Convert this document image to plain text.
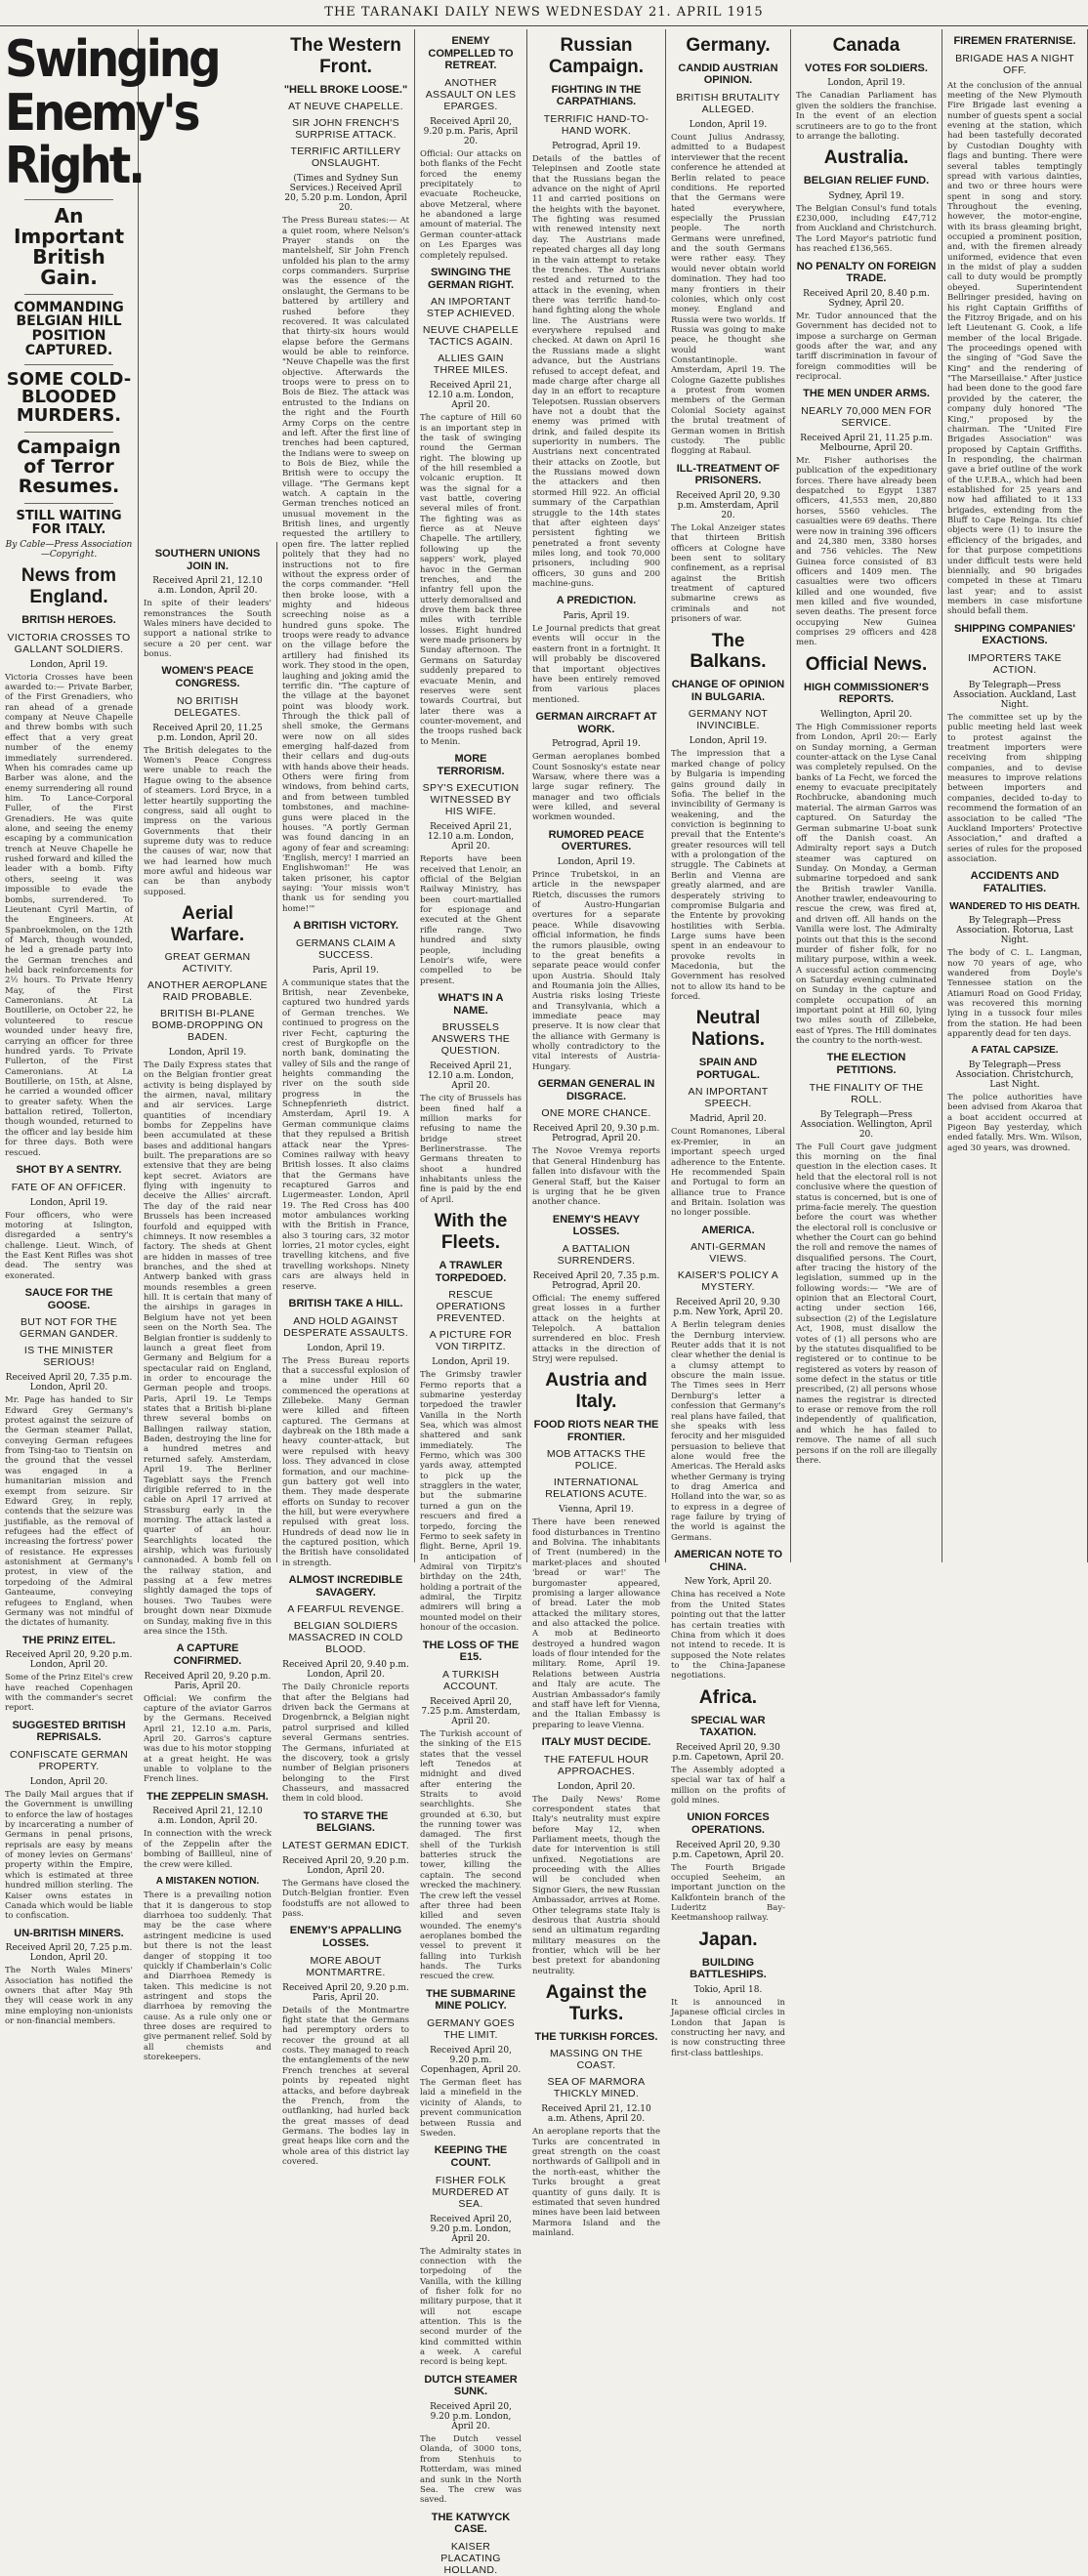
THE TARANAKI DAILY NEWS WEDNESDAY 21. APRIL 1915
Swinging Enemy's Right.
An Important British Gain.
COMMANDING BELGIAN HILL POSITION CAPTURED.
SOME COLD-BLOODED MURDERS.
Campaign of Terror Resumes.
STILL WAITING FOR ITALY.
By Cable—Press Association—Copyright.
News from England.
BRITISH HEROES.
VICTORIA CROSSES TO GALLANT SOLDIERS.
London, April 19.
Victoria Crosses have been awarded to:— Private Barber, of the First Grenadiers, who ran ahead of a grenade company at Neuve Chapelle and threw bombs with such effect that a very great number of the enemy immediately surrendered. When his comrades came up Barber was alone, and the enemy surrendering all round him. To Lance-Corporal Fuller, of the First Grenadiers. He was quite alone, and seeing the enemy escaping by a communication trench at Neuve Chapelle he rushed forward and killed the leader with a bomb. Fifty others, seeing it was impossible to evade the bombs, surrendered. To Lieutenant Cyril Martin, of the Engineers. At Spanbroekmolen, on the 12th of March, though wounded, he led a grenade party into the German trenches and held back reinforcements for 2½ hours. To Private Henry May, of the First Cameronians. At La Boutillerie, on October 22, he volunteered to rescue wounded under heavy fire, carrying an officer for three hundred yards. To Private Fullerton, of the First Cameronians. At La Boutillerie, on 15th, at Alsne, he carried a wounded officer to greater safety. When the battalion retired, Tollerton, though wounded, returned to the officer and lay beside him for three days. Both were rescued.
SHOT BY A SENTRY.
FATE OF AN OFFICER.
London, April 19.
Four officers, who were motoring at Islington, disregarded a sentry's challenge. Lieut. Winch, of the East Kent Rifles was shot dead. The sentry was exonerated.
SAUCE FOR THE GOOSE.
BUT NOT FOR THE GERMAN GANDER.
IS THE MINISTER SERIOUS!
Received April 20, 7.35 p.m. London, April 20.
Mr. Page has handed to Sir Edward Grey Germany's protest against the seizure of the German steamer Pallat, conveying German refugees from Tsing-tao to Tientsin on the ground that the vessel was engaged in a humanitarian mission and exempt from seizure. Sir Edward Grey, in reply, contends that the seizure was justifiable, as the removal of refugees had the effect of increasing the fortress' power of resistance. He expresses astonishment at Germany's protest, in view of the torpedoing of the Admiral Ganteaume, conveying refugees to England, when Germany was not mindful of the dictates of humanity.
THE PRINZ EITEL.
Received April 20, 9.20 p.m. London, April 20.
Some of the Prinz Eitel's crew have reached Copenhagen with the commander's secret report.
SUGGESTED BRITISH REPRISALS.
CONFISCATE GERMAN PROPERTY.
London, April 20.
The Daily Mail argues that if the Government is unwilling to enforce the law of hostages by incarcerating a number of Germans in penal prisons, reprisals are easy by means of money levies on Germans' property within the Empire, which is estimated at three hundred million sterling. The Kaiser owns estates in Canada which would be liable to confiscation.
UN-BRITISH MINERS.
Received April 20, 7.25 p.m. London, April 20.
The North Wales Miners' Association has notified the owners that after May 9th they will cease work in any mine employing non-unionists or non-financial members.
SOUTHERN UNIONS JOIN IN.
Received April 21, 12.10 a.m. London, April 20.
In spite of their leaders' remonstrances the South Wales miners have decided to support a national strike to secure a 20 per cent. war bonus.
WOMEN'S PEACE CONGRESS.
NO BRITISH DELEGATES.
Received April 20, 11.25 p.m. London, April 20.
The British delegates to the Women's Peace Congress were unable to reach the Hague owing to the absence of steamers. Lord Bryce, in a letter heartily supporting the congress, said all ought to impress on the various Governments that their supreme duty was to reduce the causes of war, now that we had learned how much more awful and hideous war can be than anybody supposed.
Aerial Warfare.
GREAT GERMAN ACTIVITY.
ANOTHER AEROPLANE RAID PROBABLE.
BRITISH BI-PLANE BOMB-DROPPING ON BADEN.
London, April 19.
The Daily Express states that on the Belgian frontier great activity is being displayed by the airmen, naval, military and air services. Large quantities of incendiary bombs for Zeppelins have been accumulated at these bases and additional hangars built. The preparations are so extensive that they are being kept secret. Aviators are flying with ingenuity to deceive the Allies' aircraft. The day of the raid near Brussels has been increased fourfold and equipped with chimneys. It now resembles a factory. The sheds at Ghent are hidden in masses of tree branches, and the shed at Antwerp banked with grass mounds resembles a green hill. It is certain that many of the airships in garages in Belgium have not yet been seen on the North Sea. The Belgian frontier is suddenly to launch a great fleet from Germany and Belgium for a spectacular raid on England, in order to encourage the German people and troops. Paris, April 19. Le Temps states that a British bi-plane threw several bombs on Ballingen railway station, Baden, destroying the line for a hundred metres and returned safely. Amsterdam, April 19. The Berliner Tageblatt says the French dirigible referred to in the cable on April 17 arrived at Strassburg early in the morning. The attack lasted a quarter of an hour. Searchlights located the airship, which was furiously cannonaded. A bomb fell on the railway station, and passing at a few metres slightly damaged the tops of houses. Two Taubes were brought down near Dixmude on Sunday, making five in this area since the 15th.
A CAPTURE CONFIRMED.
Received April 20, 9.20 p.m. Paris, April 20.
Official: We confirm the capture of the aviator Garros by the Germans. Received April 21, 12.10 a.m. Paris, April 20. Garros's capture was due to his motor stopping at a great height. He was unable to volplane to the French lines.
THE ZEPPELIN SMASH.
Received April 21, 12.10 a.m. London, April 20.
In connection with the wreck of the Zeppelin after the bombing of Baillleul, nine of the crew were killed.
A MISTAKEN NOTION.
There is a prevailing notion that it is dangerous to stop diarrhoea too suddenly. That may be the case where astringent medicine is used but there is not the least danger of stopping it too quickly if Chamberlain's Colic and Diarrhoea Remedy is taken. This medicine is not astringent and stops the diarrhoea by removing the cause. As a rule only one or three doses are required to give permanent relief. Sold by all chemists and storekeepers.
The Western Front.
"HELL BROKE LOOSE."
AT NEUVE CHAPELLE.
SIR JOHN FRENCH'S SURPRISE ATTACK.
TERRIFIC ARTILLERY ONSLAUGHT.
(Times and Sydney Sun Services.) Received April 20, 5.20 p.m. London, April 20.
The Press Bureau states:— At a quiet room, where Nelson's Prayer stands on the mantelshelf, Sir John French unfolded his plan to the army corps commanders. Surprise was the essence of the onslaught, the Germans to be battered by artillery and rushed before they recovered. It was calculated that thirty-six hours would elapse before the Germans would be able to reinforce. "Neuve Chapelle was the first objective. Afterwards the troops were to press on to Bois de Biez. The attack was entrusted to the Indians on the right and the Fourth Army Corps on the centre and left. After the first line of trenches had been captured, the Indians were to sweep on to Bois de Biez, while the British were to occupy the village. "The Germans kept watch. A captain in the German trenches noticed an unusual movement in the British lines, and urgently requested the artillery to open fire. The latter replied politely that they had no instructions not to fire without the express order of the corps commander. "Hell then broke loose, with a mighty and hideous screeching noise as a hundred guns spoke. The troops were ready to advance on the village before the artillery had finished its work. They stood in the open, laughing and joking amid the terrific din. "The capture of the village at the bayonet point was bloody work. Through the thick pall of shell smoke, the Germans were now on all sides emerging half-dazed from their cellars and dug-outs with hands above their heads. Others were firing from windows, from behind carts, and from between tumbled tombstones, and machine-guns were placed in the houses. "A portly German was found dancing in an agony of fear and screaming: 'English, mercy! I married an Englishwoman!' He was taken prisoner, his captor saying: 'Your missis won't thank us for sending you home!'"
A BRITISH VICTORY.
GERMANS CLAIM A SUCCESS.
Paris, April 19.
A communique states that the British, near Zevenbeke, captured two hundred yards of German trenches. We continued to progress on the river Fecht, capturing the crest of Burgkopfle on the north bank, dominating the valley of Sils and the range of heights commanding the river on the south side progress in the Schnepfenrieth district. Amsterdam, April 19. A German communique claims that they repulsed a British attack near the Ypres-Comines railway with heavy British losses. It also claims that the Germans have recaptured Garros and Lugermeaster. London, April 19. The Red Cross has 400 motor ambulances working with the British in France, also 3 touring cars, 32 motor lorries, 21 motor cycles, eight travelling kitchens, and five travelling workshops. Ninety cars are always held in reserve.
BRITISH TAKE A HILL.
AND HOLD AGAINST DESPERATE ASSAULTS.
London, April 19.
The Press Bureau reports that a successful explosion of a mine under Hill 60 commenced the operations at Zillebeke. Many German were killed and fifteen captured. The Germans at daybreak on the 18th made a heavy counter-attack, but were repulsed with heavy loss. They advanced in close formation, and our machine-gun battery got well into them. They made desperate efforts on Sunday to recover the hill, but were everywhere repulsed with great loss. Hundreds of dead now lie in the captured position, which the British have consolidated in strength.
ALMOST INCREDIBLE SAVAGERY.
A FEARFUL REVENGE.
BELGIAN SOLDIERS MASSACRED IN COLD BLOOD.
Received April 20, 9.40 p.m. London, April 20.
The Daily Chronicle reports that after the Belgians had driven back the Germans at Drogenbrnck, a Belgian night patrol surprised and killed several Germans sentries. The Germans, infuriated at the discovery, took a grisly number of Belgian prisoners belonging to the First Chasseurs, and massacred them in cold blood.
TO STARVE THE BELGIANS.
LATEST GERMAN EDICT.
Received April 20, 9.20 p.m. London, April 20.
The Germans have closed the Dutch-Belgian frontier. Even foodstuffs are not allowed to pass.
ENEMY'S APPALLING LOSSES.
MORE ABOUT MONTMARTRE.
Received April 20, 9.20 p.m. Paris, April 20.
Details of the Montmartre fight state that the Germans had peremptory orders to recover the ground at all costs. They managed to reach the entanglements of the new French trenches at several points by repeated night attacks, and before daybreak the French, from the outflanking, had hurled back the great masses of dead Germans. The bodies lay in great heaps like corn and the whole area of this district lay covered.
ENEMY COMPELLED TO RETREAT.
ANOTHER ASSAULT ON LES EPARGES.
Received April 20, 9.20 p.m. Paris, April 20.
Official: Our attacks on both flanks of the Fecht forced the enemy precipitately to evacuate Rocheucke, above Metzeral, where he abandoned a large amount of material. The German counter-attack on Les Eparges was completely repulsed.
SWINGING THE GERMAN RIGHT.
AN IMPORTANT STEP ACHIEVED.
NEUVE CHAPELLE TACTICS AGAIN.
ALLIES GAIN THREE MILES.
Received April 21, 12.10 a.m. London, April 20.
The capture of Hill 60 is an important step in the task of swinging round the German right. The blowing up of the hill resembled a volcanic eruption. It was the signal for a vast battle, covering several miles of front. The fighting was as fierce as at Neuve Chapelle. The artillery, following up the sappers' work, played havoc in the German trenches, and the infantry fell upon the utterly demoralised and drove them back three miles with terrible losses. Eight hundred were made prisoners by Sunday afternoon. The Germans on Saturday suddenly prepared to evacuate Menin, and reserves were sent towards Courtrai, but later there was a counter-movement, and the troops rushed back to Menin.
MORE TERRORISM.
SPY'S EXECUTION WITNESSED BY HIS WIFE.
Received April 21, 12.10 a.m. London, April 20.
Reports have been received that Lenoir, an official of the Belgian Railway Ministry, has been court-martialled for espionage and executed at the Ghent rifle range. Two hundred and sixty people, including Lenoir's wife, were compelled to be present.
WHAT'S IN A NAME.
BRUSSELS ANSWERS THE QUESTION.
Received April 21, 12.10 a.m. London, April 20.
The city of Brussels has been fined half a million marks for refusing to name the bridge street Berlinerstrasse. The Germans threaten to shoot a hundred inhabitants unless the fine is paid by the end of April.
With the Fleets.
A TRAWLER TORPEDOED.
RESCUE OPERATIONS PREVENTED.
A PICTURE FOR VON TIRPITZ.
London, April 19.
The Grimsby trawler Fermo reports that a submarine yesterday torpedoed the trawler Vanilla in the North Sea, which was almost shattered and sank immediately. The Fermo, which was 300 yards away, attempted to pick up the stragglers in the water, but the submarine turned a gun on the rescuers and fired a torpedo, forcing the Fermo to seek safety in flight. Berne, April 19. In anticipation of Admiral von Tirpitz's birthday on the 24th, holding a portrait of the admiral, the Tirpitz admirers will bring a mounted model on their honour of the occasion.
THE LOSS OF THE E15.
A TURKISH ACCOUNT.
Received April 20, 7.25 p.m. Amsterdam, April 20.
The Turkish account of the sinking of the E15 states that the vessel left Tenedos at midnight and dived after entering the Straits to avoid searchlights. She grounded at 6.30, but the running tower was damaged. The first shell of the Turkish batteries struck the tower, killing the captain. The second wrecked the machinery. The crew left the vessel after three had been killed and seven wounded. The enemy's aeroplanes bombed the vessel to prevent it falling into Turkish hands. The Turks rescued the crew.
THE SUBMARINE MINE POLICY.
GERMANY GOES THE LIMIT.
Received April 20, 9.20 p.m. Copenhagen, April 20.
The German fleet has laid a minefield in the vicinity of Alands, to prevent communication between Russia and Sweden.
KEEPING THE COUNT.
FISHER FOLK MURDERED AT SEA.
Received April 20, 9.20 p.m. London, April 20.
The Admiralty states in connection with the torpedoing of the Vanilla, with the killing of fisher folk for no military purpose, that it will not escape attention. This is the second murder of the kind committed within a week. A careful record is being kept.
DUTCH STEAMER SUNK.
Received April 20, 9.20 p.m. London, April 20.
The Dutch vessel Olanda, of 3000 tons, from Stenhuis to Rotterdam, was mined and sunk in the North Sea. The crew was saved.
THE KATWYCK CASE.
KAISER PLACATING HOLLAND.
Russian Campaign.
FIGHTING IN THE CARPATHIANS.
TERRIFIC HAND-TO-HAND WORK.
Petrograd, April 19.
Details of the battles of Telepinsen and Zootle state that the Russians began the advance on the night of April 11 and carried positions on the heights with the bayonet. The fighting was resumed with renewed intensity next day. The Austrians made repeated charges all day long in the vain attempt to retake the trenches. The Austrians rested and returned to the attack in the evening, when there was terrific hand-to-hand fighting along the whole line. The Austrians were everywhere repulsed and checked. At dawn on April 16 the Russians made a slight advance, but the Austrians refused to accept defeat, and made charge after charge all day in an effort to recapture Telepotsen. Russian observers have not a doubt that the enemy was primed with drink, and failed despite its superiority in numbers. The Austrians next concentrated their attacks on Zootle, but the Russians mowed down the attackers and then stormed Hill 922. An official summary of the Carpathian struggle to the 14th states that after eighteen days' persistent fighting we penetrated a front seventy miles long, and took 70,000 prisoners, including 900 officers, 30 guns and 200 machine-guns.
A PREDICTION.
Paris, April 19.
Le Journal predicts that great events will occur in the eastern front in a fortnight. It will probably be discovered that important objectives have been entirely removed from various places mentioned.
GERMAN AIRCRAFT AT WORK.
Petrograd, April 19.
German aeroplanes bombed Count Sosnosky's estate near Warsaw, where there was a large sugar refinery. The manager and two officials were killed, and several workmen wounded.
RUMORED PEACE OVERTURES.
London, April 19.
Prince Trubetskoi, in an article in the newspaper Rietch, discusses the rumors of Austro-Hungarian overtures for a separate peace. While disavowing official information, he finds the rumors plausible, owing to the great benefits a separate peace would confer upon Austria. Should Italy and Roumania join the Allies, Austria risks losing Trieste and Transylvania, which a immediate peace may preserve. It is now clear that the alliance with Germany is wholly contradictory to the vital interests of Austria-Hungary.
GERMAN GENERAL IN DISGRACE.
ONE MORE CHANCE.
Received April 20, 9.30 p.m. Petrograd, April 20.
The Novoe Vremya reports that General Hindenburg has fallen into disfavour with the General Staff, but the Kaiser is urging that he be given another chance.
ENEMY'S HEAVY LOSSES.
A BATTALION SURRENDERS.
Received April 20, 7.35 p.m. Petrograd, April 20.
Official: The enemy suffered great losses in a further attack on the heights at Telepolch. A battalion surrendered en bloc. Fresh attacks in the direction of Stryj were repulsed.
Austria and Italy.
FOOD RIOTS NEAR THE FRONTIER.
MOB ATTACKS THE POLICE.
INTERNATIONAL RELATIONS ACUTE.
Vienna, April 19.
There have been renewed food disturbances in Trentino and Bolvina. The inhabitants of Trent (numbered) in the market-places and shouted 'bread or war!' The burgomaster appeared, promising a larger allowance of bread. Later the mob attacked the military stores, and also attacked the police. A mob at Bedineorto destroyed a hundred wagon loads of flour intended for the military. Rome, April 19. Relations between Austria and Italy are acute. The Austrian Ambassador's family and staff have left for Vienna, and the Italian Embassy is preparing to leave Vienna.
ITALY MUST DECIDE.
THE FATEFUL HOUR APPROACHES.
London, April 20.
The Daily News' Rome correspondent states that Italy's neutrality must expire before May 12, when Parliament meets, though the date for intervention is still unfixed. Negotiations are proceeding with the Allies will be concluded when Signor Giers, the new Russian Ambassador, arrives at Rome. Other telegrams state Italy is desirous that Austria should send an ultimatum regarding military measures on the frontier, which will be her best pretext for abandoning neutrality.
Against the Turks.
THE TURKISH FORCES.
MASSING ON THE COAST.
SEA OF MARMORA THICKLY MINED.
Received April 21, 12.10 a.m. Athens, April 20.
An aeroplane reports that the Turks are concentrated in great strength on the coast northwards of Gallipoli and in the north-east, whither the Turks brought a great quantity of guns daily. It is estimated that seven hundred mines have been laid between Marmora Island and the mainland.
Germany.
CANDID AUSTRIAN OPINION.
BRITISH BRUTALITY ALLEGED.
London, April 19.
Count Julius Andrassy, admitted to a Budapest interviewer that the recent conference he attended at Berlin related to peace conditions. He reported that the Germans were hated everywhere, especially the Prussian people. The north Germans were unrefined, and the south Germans were rather easy. They would never obtain world domination. They had too many frontiers in their colonies, which only cost money. England and Russia were two worlds. If Russia was going to make peace, he thought she would want Constantinople. Amsterdam, April 19. The Cologne Gazette publishes a protest from women members of the German Colonial Society against the brutal treatment of German women in British custody. The public flogging at Rabaul.
ILL-TREATMENT OF PRISONERS.
Received April 20, 9.30 p.m. Amsterdam, April 20.
The Lokal Anzeiger states that thirteen British officers at Cologne have been sent to solitary confinement, as a reprisal against the British treatment of captured submarine crews as criminals and not prisoners of war.
The Balkans.
CHANGE OF OPINION IN BULGARIA.
GERMANY NOT INVINCIBLE.
London, April 19.
The impression that a marked change of policy by Bulgaria is impending gains ground daily in Sofia. The belief in the invincibility of Germany is weakening, and the conviction is beginning to prevail that the Entente's greater resources will tell with a prolongation of the struggle. The Cabinets at Berlin and Vienna are greatly alarmed, and are desperately striving to compromise Bulgaria and the Entente by provoking hostilities with Serbia. Large sums have been spent in an endeavour to provoke revolts in Macedonia, but the Government has resolved not to allow its hand to be forced.
Neutral Nations.
SPAIN AND PORTUGAL.
AN IMPORTANT SPEECH.
Madrid, April 20.
Count Romanones, Liberal ex-Premier, in an important speech urged adherence to the Entente. He recommended Spain and Portugal to form an alliance true to France and Britain. Isolation was no longer possible.
AMERICA.
ANTI-GERMAN VIEWS.
KAISER'S POLICY A MYSTERY.
Received April 20, 9.30 p.m. New York, April 20.
A Berlin telegram denies the Dernburg interview. Reuter adds that it is not clear whether the denial is a clumsy attempt to obscure the main issue. The Times sees in Herr Dernburg's letter a confession that Germany's real plans have failed, that she speaks with less ferocity and her misguided persuasion to believe that alone would free the Americas. The Herald asks whether Germany is trying to drag America and Holland into the war, so as to express in a degree of rage failure by trying of the world is against the Germans.
AMERICAN NOTE TO CHINA.
New York, April 20.
China has received a Note from the United States pointing out that the latter has certain treaties with China from which it does not intend to recede. It is supposed the Note relates to the China-Japanese negotiations.
Africa.
SPECIAL WAR TAXATION.
Received April 20, 9.30 p.m. Capetown, April 20.
The Assembly adopted a special war tax of half a million on the profits of gold mines.
UNION FORCES OPERATIONS.
Received April 20, 9.30 p.m. Capetown, April 20.
The Fourth Brigade occupied Seeheim, an important junction on the Kalkfontein branch of the Luderitz Bay-Keetmanshoop railway.
Japan.
BUILDING BATTLESHIPS.
Tokio, April 18.
It is announced in Japanese official circles in London that Japan is constructing her navy, and is now constructing three first-class battleships.
Canada
VOTES FOR SOLDIERS.
London, April 19.
The Canadian Parliament has given the soldiers the franchise. In the event of an election scrutineers are to go to the front to arrange the balloting.
Australia.
BELGIAN RELIEF FUND.
Sydney, April 19.
The Belgian Consul's fund totals £230,000, including £47,712 from Auckland and Christchurch. The Lord Mayor's patriotic fund has reached £136,565.
NO PENALTY ON FOREIGN TRADE.
Received April 20, 8.40 p.m. Sydney, April 20.
Mr. Tudor announced that the Government has decided not to impose a surcharge on German goods after the war, and any tariff discrimination in favour of foreign commodities will be reciprocal.
THE MEN UNDER ARMS.
NEARLY 70,000 MEN FOR SERVICE.
Received April 21, 11.25 p.m. Melbourne, April 20.
Mr. Fisher authorises the publication of the expeditionary forces. There have already been despatched to Egypt 1387 officers, 41,553 men, 20,880 horses, 5560 vehicles. The casualties were 69 deaths. There were now in training 396 officers and 24,380 men, 3380 horses and 756 vehicles. The New Guinea force consisted of 83 officers and 1409 men. The casualties were two officers killed and one wounded, five men killed and five wounded, seven deaths. The present force occupying New Guinea comprises 29 officers and 428 men.
Official News.
HIGH COMMISSIONER'S REPORTS.
Wellington, April 20.
The High Commissioner reports from London, April 20:— Early on Sunday morning, a German counter-attack on the Lyse Canal was completely repulsed. On the banks of La Fecht, we forced the enemy to evacuate precipitately Rochbrucke, abandoning much material. The airman Garros was captured. On Saturday the German submarine U-boat sunk off the Danish coast. An Admiralty report says a Dutch steamer was captured on Sunday. On Monday, a German submarine torpedoed and sank the British trawler Vanilla. Another trawler, endeavouring to rescue the crew, was fired at, and driven off. All hands on the Vanilla were lost. The Admiralty points out that this is the second murder of fisher folk, for no military purpose, within a week. A successful action commencing on Saturday evening culminated on Sunday in the capture and complete occupation of an important point at Hill 60, lying two miles south of Zillebeke, east of Ypres. The Hill dominates the country to the north-west.
THE ELECTION PETITIONS.
THE FINALITY OF THE ROLL.
By Telegraph—Press Association. Wellington, April 20.
The Full Court gave judgment this morning on the final question in the election cases. It held that the electoral roll is not conclusive where the question of status is concerned, but is one of prima-facie merely. The question before the court was whether the electoral roll is conclusive or whether the Court can go behind the roll and remove the names of disqualified persons. The Court, after tracing the history of the legislation, summed up in the following words:— "We are of opinion that an Electoral Court, acting under section 166, subsection (2) of the Legislature Act, 1908, must disallow the votes of (1) all persons who are by the statutes disqualified to be registered or to continue to be registered as voters by reason of some defect in the status or title prescribed, (2) all persons whose names the registrar is directed to erase or remove from the roll independently of qualification, and which he has failed to remove. The name of all such persons if on the roll are illegally there.
FIREMEN FRATERNISE.
BRIGADE HAS A NIGHT OFF.
At the conclusion of the annual meeting of the New Plymouth Fire Brigade last evening a number of guests spent a social evening at the station, which had been tastefully decorated by Custodian Doughty with flags and bunting. There were several tables temptingly spread with various dainties, and two or three hours were spent in song and story. Throughout the evening, however, the motor-engine, with its brass gleaming bright, occupied a prominent position, and, with the firemen already uniformed, evidence that even in the midst of play a sudden call to duty would be promptly obeyed. Superintendent Bellringer presided, having on his right Captain Griffiths of the Fitzroy Brigade, and on his left Lieutenant G. Cook, a life member of the local Brigade. The proceedings opened with the singing of "God Save the King" and the rendering of "The Marseillaise." After justice had been done to the good fare provided by the caterer, the company duly honored "The King," proposed by the chairman. The "United Fire Brigades Association" was proposed by Captain Griffiths. In responding, the chairman gave a brief outline of the work of the U.F.B.A., which had been established for 25 years and now had affiliated to it 133 brigades, extending from the Bluff to Cape Reinga. Its chief objects were (1) to insure the efficiency of the brigades, and for that purpose competitions under difficult tests were held biennially, and 90 brigades competed in these at Timaru last year; and to assist members in case misfortune should befall them.
SHIPPING COMPANIES' EXACTIONS.
IMPORTERS TAKE ACTION.
By Telegraph—Press Association. Auckland, Last Night.
The committee set up by the public meeting held last week to protest against the treatment importers were receiving from shipping companies, and to devise measures to improve relations between importers and companies, decided to-day to recommend the formation of an association to be called "The Auckland Importers' Protective Association," and drafted a series of rules for the proposed association.
ACCIDENTS AND FATALITIES.
WANDERED TO HIS DEATH.
By Telegraph—Press Association. Rotorua, Last Night.
The body of C. L. Langman, now 70 years of age, who wandered from Doyle's Tennessee station on the Atiamuri Road on Good Friday, was recovered this morning lying in a tussock four miles from the station. He had been apparently dead for ten days.
A FATAL CAPSIZE.
By Telegraph—Press Association. Christchurch, Last Night.
The police authorities have been advised from Akaroa that a boat accident occurred at Pigeon Bay yesterday, which ended fatally. Mrs. Wm. Wilson, aged 30 years, was drowned.
